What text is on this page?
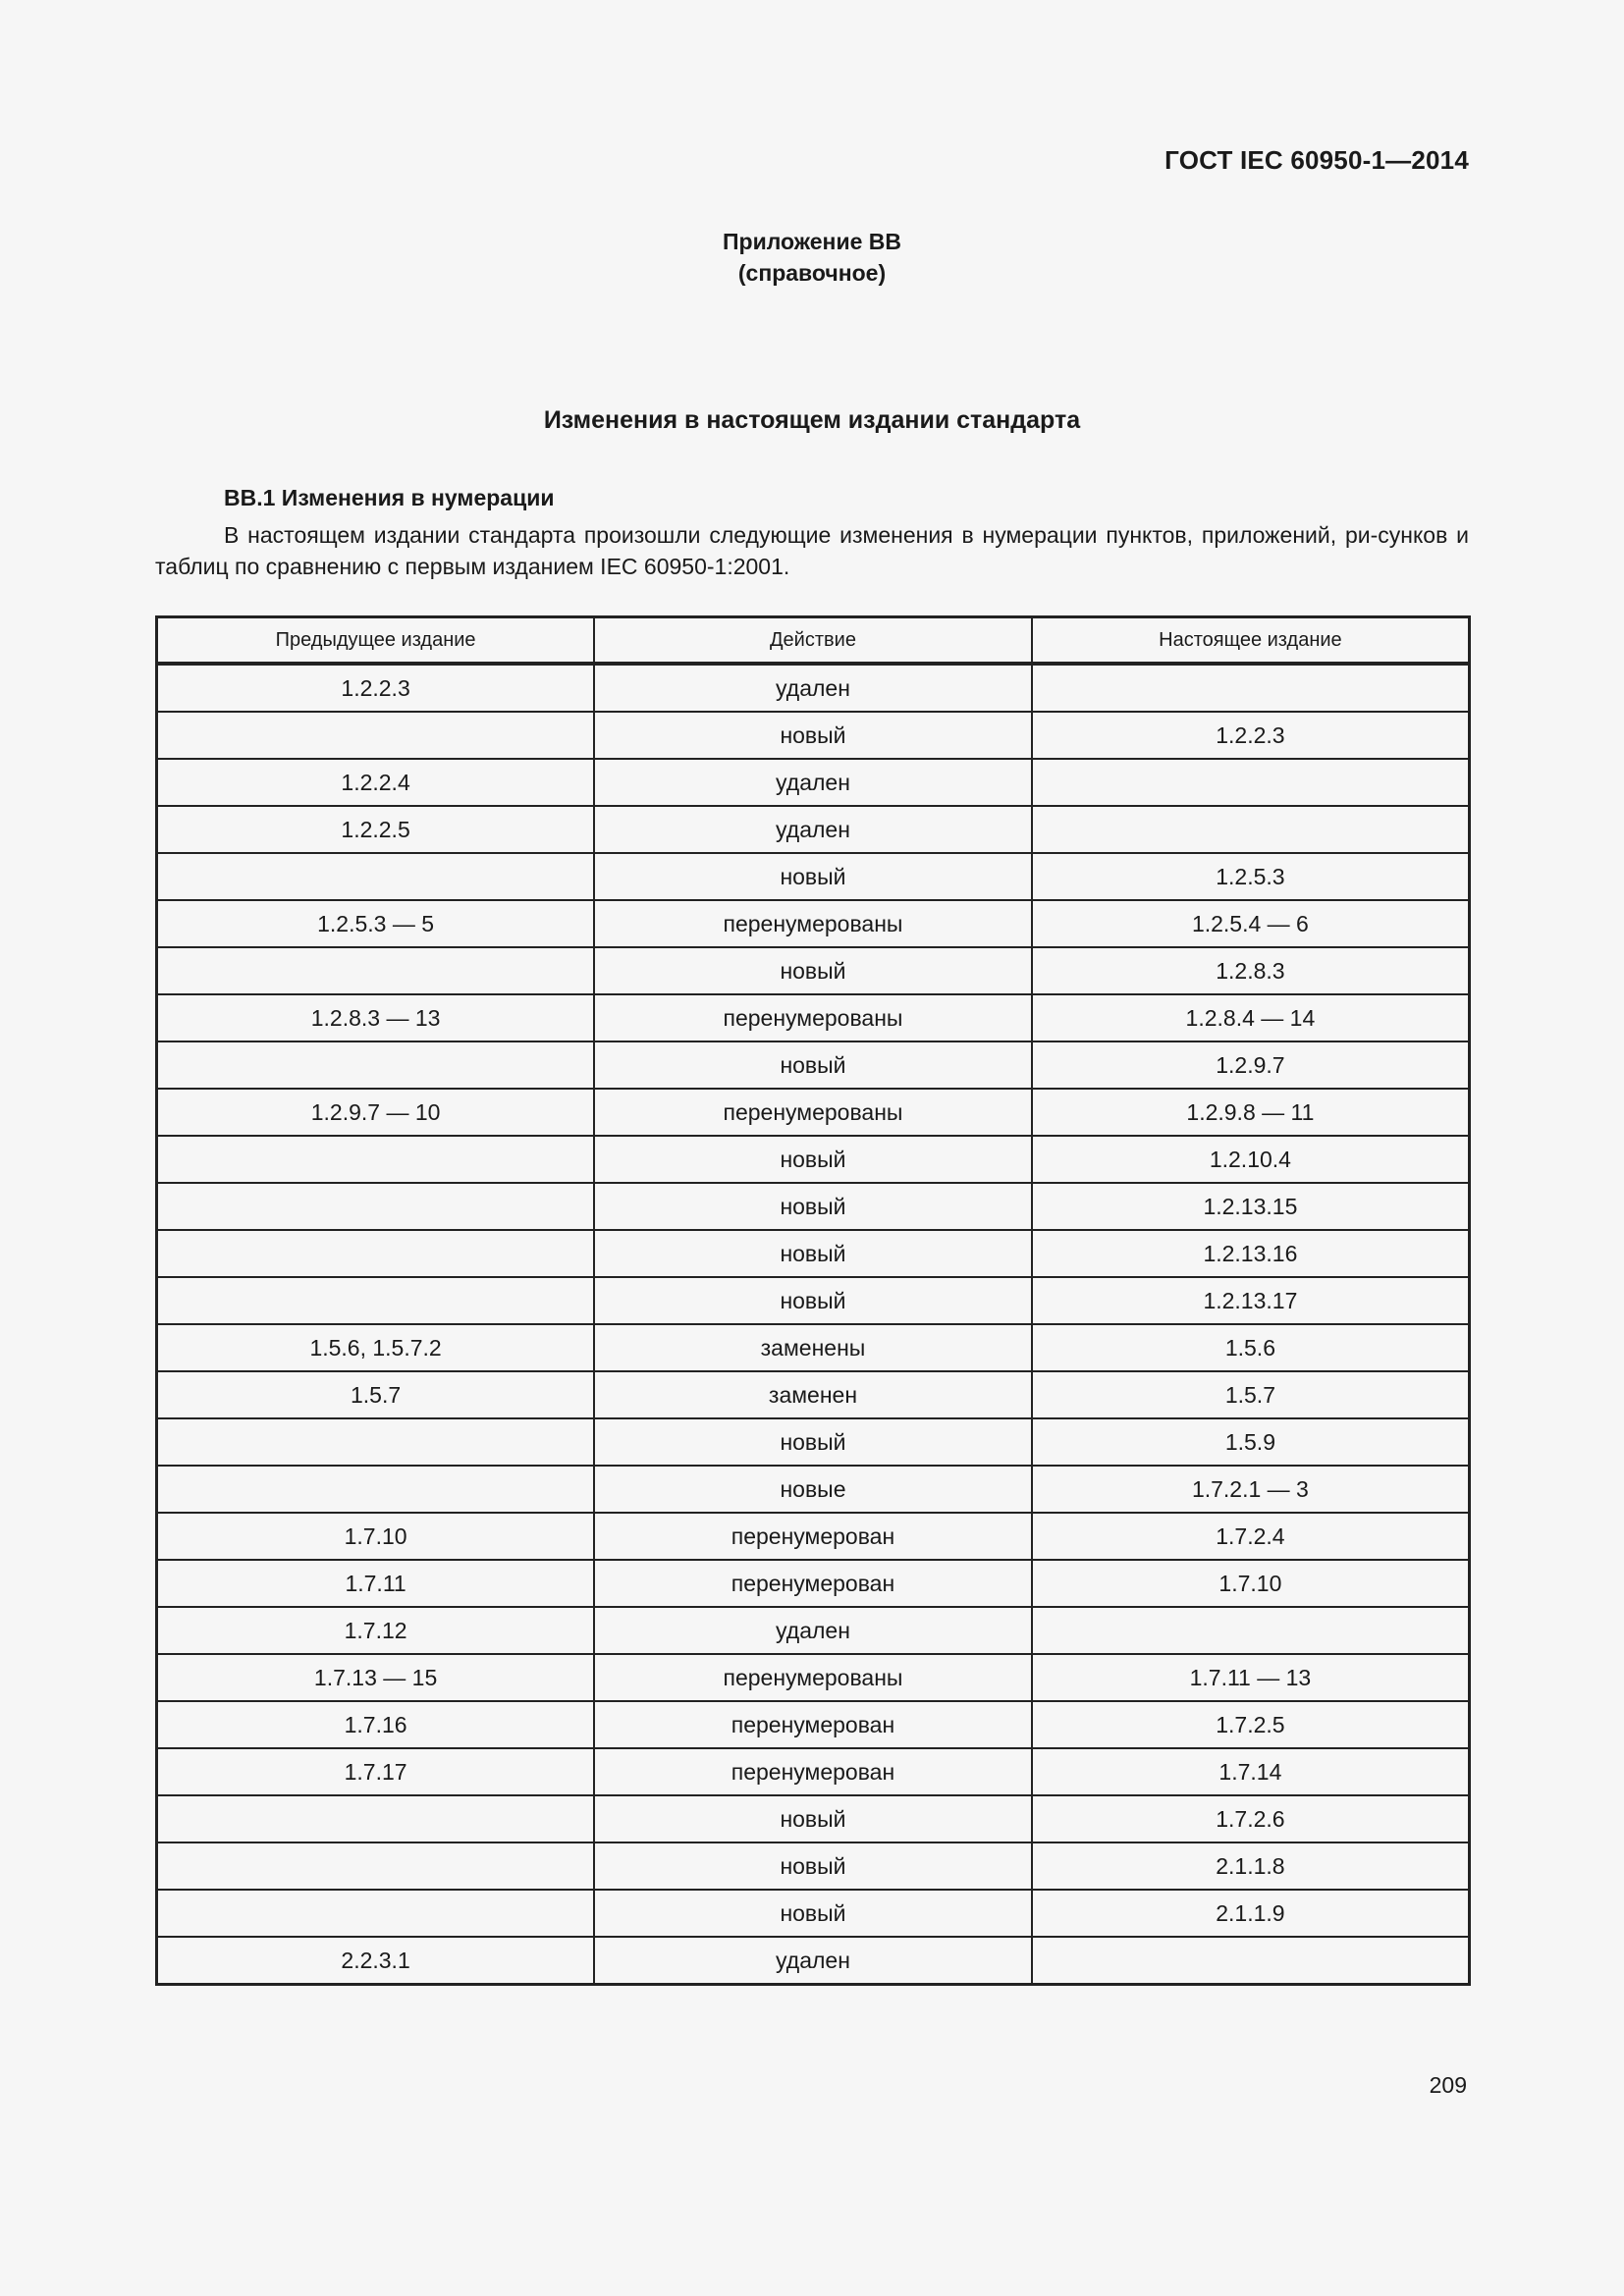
ГОСТ IEC 60950-1—2014
Приложение ВВ
(справочное)
Изменения в настоящем издании стандарта
ВВ.1 Изменения в нумерации
В настоящем издании стандарта произошли следующие изменения в нумерации пунктов, приложений, ри-сунков и таблиц по сравнению с первым изданием IEC 60950-1:2001.
Предыдущее издание	Действие	Настоящее издание
1.2.2.3	удален	
	новый	1.2.2.3
1.2.2.4	удален	
1.2.2.5	удален	
	новый	1.2.5.3
1.2.5.3 — 5	перенумерованы	1.2.5.4 — 6
	новый	1.2.8.3
1.2.8.3 — 13	перенумерованы	1.2.8.4 — 14
	новый	1.2.9.7
1.2.9.7 — 10	перенумерованы	1.2.9.8 — 11
	новый	1.2.10.4
	новый	1.2.13.15
	новый	1.2.13.16
	новый	1.2.13.17
1.5.6, 1.5.7.2	заменены	1.5.6
1.5.7	заменен	1.5.7
	новый	1.5.9
	новые	1.7.2.1 — 3
1.7.10	перенумерован	1.7.2.4
1.7.11	перенумерован	1.7.10
1.7.12	удален	
1.7.13 — 15	перенумерованы	1.7.11 — 13
1.7.16	перенумерован	1.7.2.5
1.7.17	перенумерован	1.7.14
	новый	1.7.2.6
	новый	2.1.1.8
	новый	2.1.1.9
2.2.3.1	удален	
209
